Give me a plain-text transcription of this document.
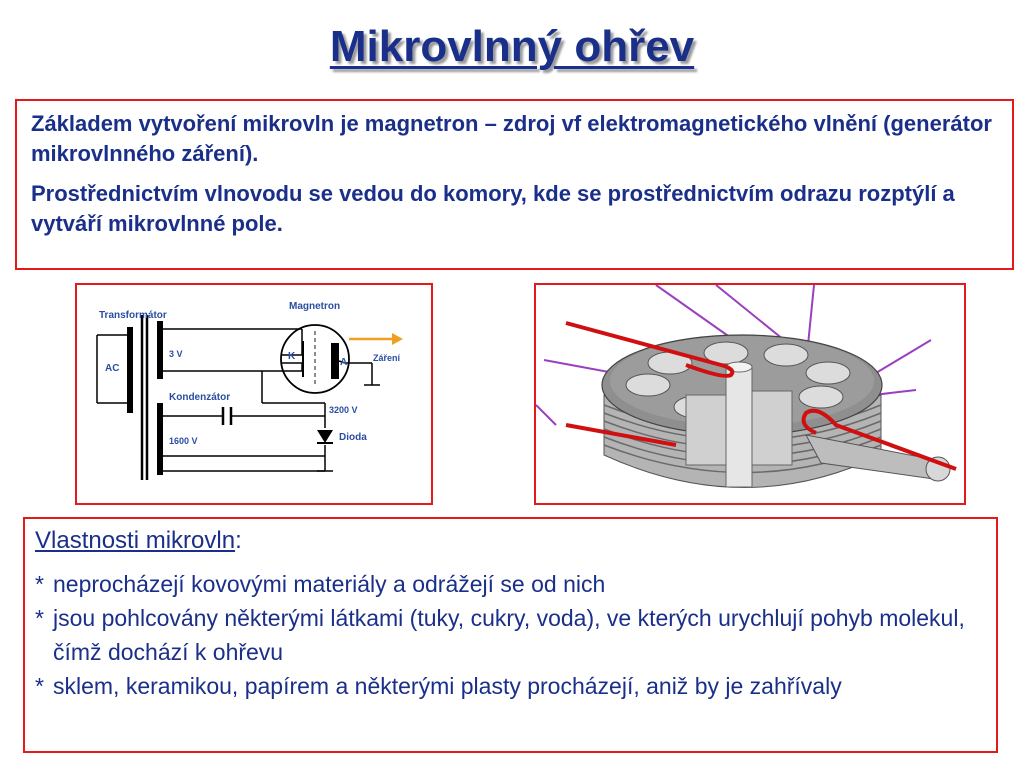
Mikrovlnný ohřev

Základem vytvoření mikrovln je magnetron – zdroj vf elektromagnetického vlnění (generátor mikrovlnného záření).

Prostřednictvím vlnovodu se vedou do komory, kde se prostřednictvím odrazu rozptýlí a vytváří mikrovlnné pole.

Transformátor
Magnetron
AC
3 V	K
A	Záření
Kondenzátor
3200 V
1600 V	Dioda
Vlastnosti mikrovln:
* neprocházejí kovovými materiály a odrážejí se od nich
* jsou pohlcovány některými látkami (tuky, cukry, voda), ve kterých urychlují pohyb molekul, čímž dochází k ohřevu
* sklem, keramikou, papírem a některými plasty procházejí, aniž by je zahřívaly
